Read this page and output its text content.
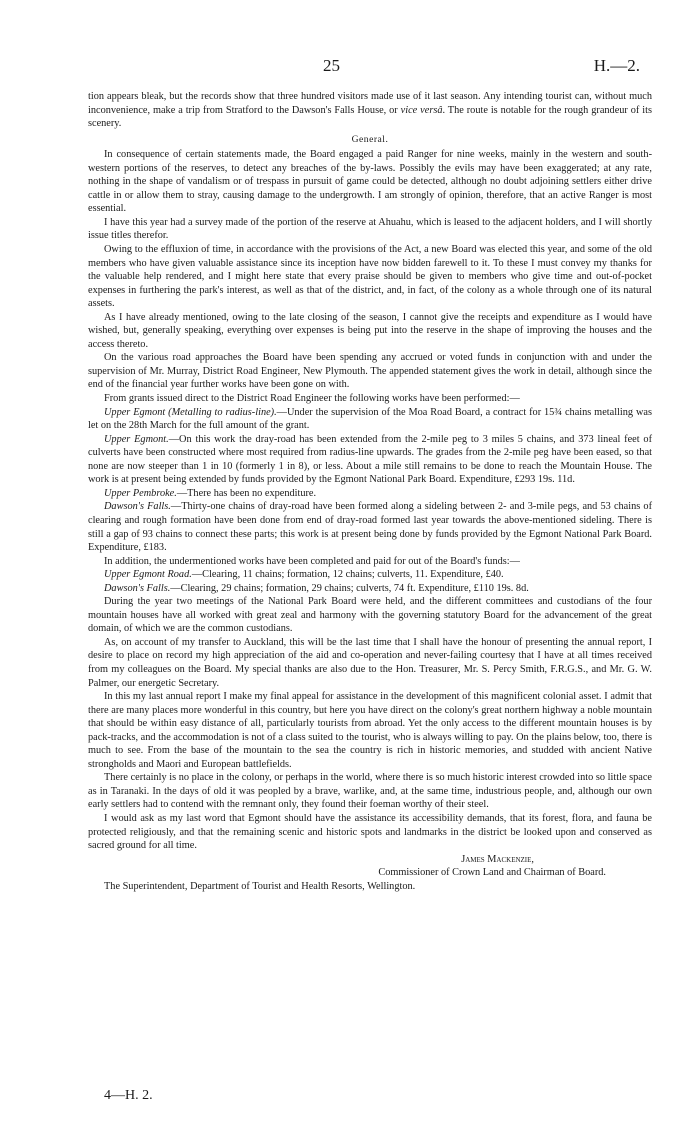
25	H.—2.

tion appears bleak, but the records show that three hundred visitors made use of it last season. Any intending tourist can, without much inconvenience, make a trip from Stratford to the Dawson's Falls House, or vice versâ. The route is notable for the rough grandeur of its scenery.

General.

In consequence of certain statements made, the Board engaged a paid Ranger for nine weeks, mainly in the western and south-western portions of the reserves, to detect any breaches of the by-laws. Possibly the evils may have been exaggerated; at any rate, nothing in the shape of vandalism or of trespass in pursuit of game could be detected, although no doubt adjoining settlers either drive cattle in or allow them to stray, causing damage to the undergrowth. I am strongly of opinion, therefore, that an active Ranger is most essential.

I have this year had a survey made of the portion of the reserve at Ahuahu, which is leased to the adjacent holders, and I will shortly issue titles therefor.

Owing to the effluxion of time, in accordance with the provisions of the Act, a new Board was elected this year, and some of the old members who have given valuable assistance since its inception have now bidden farewell to it. To these I must convey my thanks for the valuable help rendered, and I might here state that every praise should be given to members who give time and out-of-pocket expenses in furthering the park's interest, as well as that of the district, and, in fact, of the colony as a whole through one of its natural assets.

As I have already mentioned, owing to the late closing of the season, I cannot give the receipts and expenditure as I would have wished, but, generally speaking, everything over expenses is being put into the reserve in the shape of improving the houses and the access thereto.

On the various road approaches the Board have been spending any accrued or voted funds in conjunction with and under the supervision of Mr. Murray, District Road Engineer, New Plymouth. The appended statement gives the work in detail, although since the end of the financial year further works have been gone on with.

From grants issued direct to the District Road Engineer the following works have been performed:—

Upper Egmont (Metalling to radius-line).—Under the supervision of the Moa Road Board, a contract for 15¾ chains metalling was let on the 28th March for the full amount of the grant.

Upper Egmont.—On this work the dray-road has been extended from the 2-mile peg to 3 miles 5 chains, and 373 lineal feet of culverts have been constructed where most required from radius-line upwards. The grades from the 2-mile peg have been eased, so that none are now steeper than 1 in 10 (formerly 1 in 8), or less. About a mile still remains to be done to reach the Mountain House. The work is at present being extended by funds provided by the Egmont National Park Board. Expenditure, £293 19s. 11d.

Upper Pembroke.—There has been no expenditure.

Dawson's Falls.—Thirty-one chains of dray-road have been formed along a sideling between 2- and 3-mile pegs, and 53 chains of clearing and rough formation have been done from end of dray-road formed last year towards the above-mentioned sideling. There is still a gap of 93 chains to connect these parts; this work is at present being done by funds provided by the Egmont National Park Board. Expenditure, £183.

In addition, the undermentioned works have been completed and paid for out of the Board's funds:—

Upper Egmont Road.—Clearing, 11 chains; formation, 12 chains; culverts, 11. Expenditure, £40.

Dawson's Falls.—Clearing, 29 chains; formation, 29 chains; culverts, 74 ft. Expenditure, £110 19s. 8d.

During the year two meetings of the National Park Board were held, and the different committees and custodians of the four mountain houses have all worked with great zeal and harmony with the governing statutory Board for the advancement of the great domain, of which we are the common custodians.

As, on account of my transfer to Auckland, this will be the last time that I shall have the honour of presenting the annual report, I desire to place on record my high appreciation of the aid and co-operation and never-failing courtesy that I have at all times received from my colleagues on the Board. My special thanks are also due to the Hon. Treasurer, Mr. S. Percy Smith, F.R.G.S., and Mr. G. W. Palmer, our energetic Secretary.

In this my last annual report I make my final appeal for assistance in the development of this magnificent colonial asset. I admit that there are many places more wonderful in this country, but here you have direct on the colony's great northern highway a noble mountain that should be within easy distance of all, particularly tourists from abroad. Yet the only access to the different mountain houses is by pack-tracks, and the accommodation is not of a class suited to the tourist, who is always willing to pay. On the plains below, too, there is much to see. From the base of the mountain to the sea the country is rich in historic memories, and studded with ancient Native strongholds and Maori and European battlefields.

There certainly is no place in the colony, or perhaps in the world, where there is so much historic interest crowded into so little space as in Taranaki. In the days of old it was peopled by a brave, warlike, and, at the same time, industrious people, and, although our own early settlers had to contend with the remnant only, they found their foeman worthy of their steel.

I would ask as my last word that Egmont should have the assistance its accessibility demands, that its forest, flora, and fauna be protected religiously, and that the remaining scenic and historic spots and landmarks in the district be looked upon and conserved as sacred ground for all time.

James Mackenzie,

Commissioner of Crown Land and Chairman of Board.

The Superintendent, Department of Tourist and Health Resorts, Wellington.

4—H. 2.
